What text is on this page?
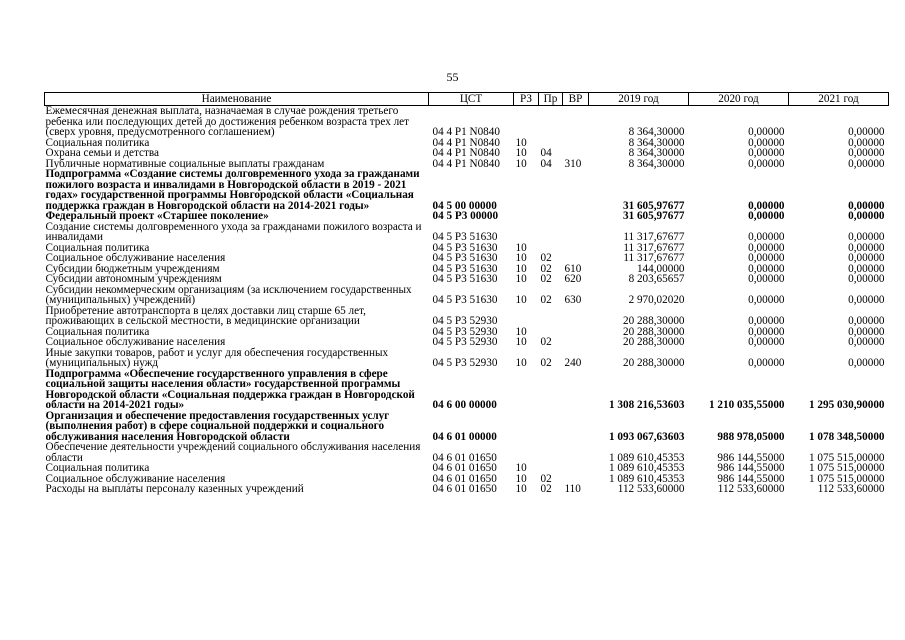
55
Наименование	ЦСТ	РЗ	Пр	ВР	2019 год	2020 год	2021 год
Ежемесячная денежная выплата, назначаемая в случае рождения третьего ребенка или последующих детей до достижения ребенком возраста трех лет (сверх уровня, предусмотренного соглашением)	04 4 P1 N0840				8 364,30000	0,00000	0,00000
Социальная политика	04 4 P1 N0840	10			8 364,30000	0,00000	0,00000
Охрана семьи и детства	04 4 P1 N0840	10	04		8 364,30000	0,00000	0,00000
Публичные нормативные социальные выплаты гражданам	04 4 P1 N0840	10	04	310	8 364,30000	0,00000	0,00000
Подпрограмма «Создание системы долговременного ухода за гражданами пожилого возраста и инвалидами в Новгородской области в 2019 - 2021 годах» государственной программы Новгородской области «Социальная поддержка граждан в Новгородской области на 2014-2021 годы»	04 5 00 00000				31 605,97677	0,00000	0,00000
Федеральный проект «Старшее поколение»	04 5 P3 00000				31 605,97677	0,00000	0,00000
Создание системы долговременного ухода за гражданами пожилого возраста и инвалидами	04 5 P3 51630				11 317,67677	0,00000	0,00000
Социальная политика	04 5 P3 51630	10			11 317,67677	0,00000	0,00000
Социальное обслуживание населения	04 5 P3 51630	10	02		11 317,67677	0,00000	0,00000
Субсидии бюджетным учреждениям	04 5 P3 51630	10	02	610	144,00000	0,00000	0,00000
Субсидии автономным учреждениям	04 5 P3 51630	10	02	620	8 203,65657	0,00000	0,00000
Субсидии некоммерческим организациям (за исключением государственных (муниципальных) учреждений)	04 5 P3 51630	10	02	630	2 970,02020	0,00000	0,00000
Приобретение автотранспорта в целях доставки лиц старше 65 лет, проживающих в сельской местности, в медицинские организации	04 5 P3 52930				20 288,30000	0,00000	0,00000
Социальная политика	04 5 P3 52930	10			20 288,30000	0,00000	0,00000
Социальное обслуживание населения	04 5 P3 52930	10	02		20 288,30000	0,00000	0,00000
Иные закупки товаров, работ и услуг для обеспечения государственных (муниципальных) нужд	04 5 P3 52930	10	02	240	20 288,30000	0,00000	0,00000
Подпрограмма «Обеспечение государственного управления в сфере социальной защиты населения области» государственной программы Новгородской области «Социальная поддержка граждан в Новгородской области на 2014-2021 годы»	04 6 00 00000				1 308 216,53603	1 210 035,55000	1 295 030,90000
Организация и обеспечение предоставления государственных услуг (выполнения работ) в сфере социальной поддержки и социального обслуживания населения Новгородской области	04 6 01 00000				1 093 067,63603	988 978,05000	1 078 348,50000
Обеспечение деятельности учреждений социального обслуживания населения области	04 6 01 01650				1 089 610,45353	986 144,55000	1 075 515,00000
Социальная политика	04 6 01 01650	10			1 089 610,45353	986 144,55000	1 075 515,00000
Социальное обслуживание населения	04 6 01 01650	10	02		1 089 610,45353	986 144,55000	1 075 515,00000
Расходы на выплаты персоналу казенных учреждений	04 6 01 01650	10	02	110	112 533,60000	112 533,60000	112 533,60000
